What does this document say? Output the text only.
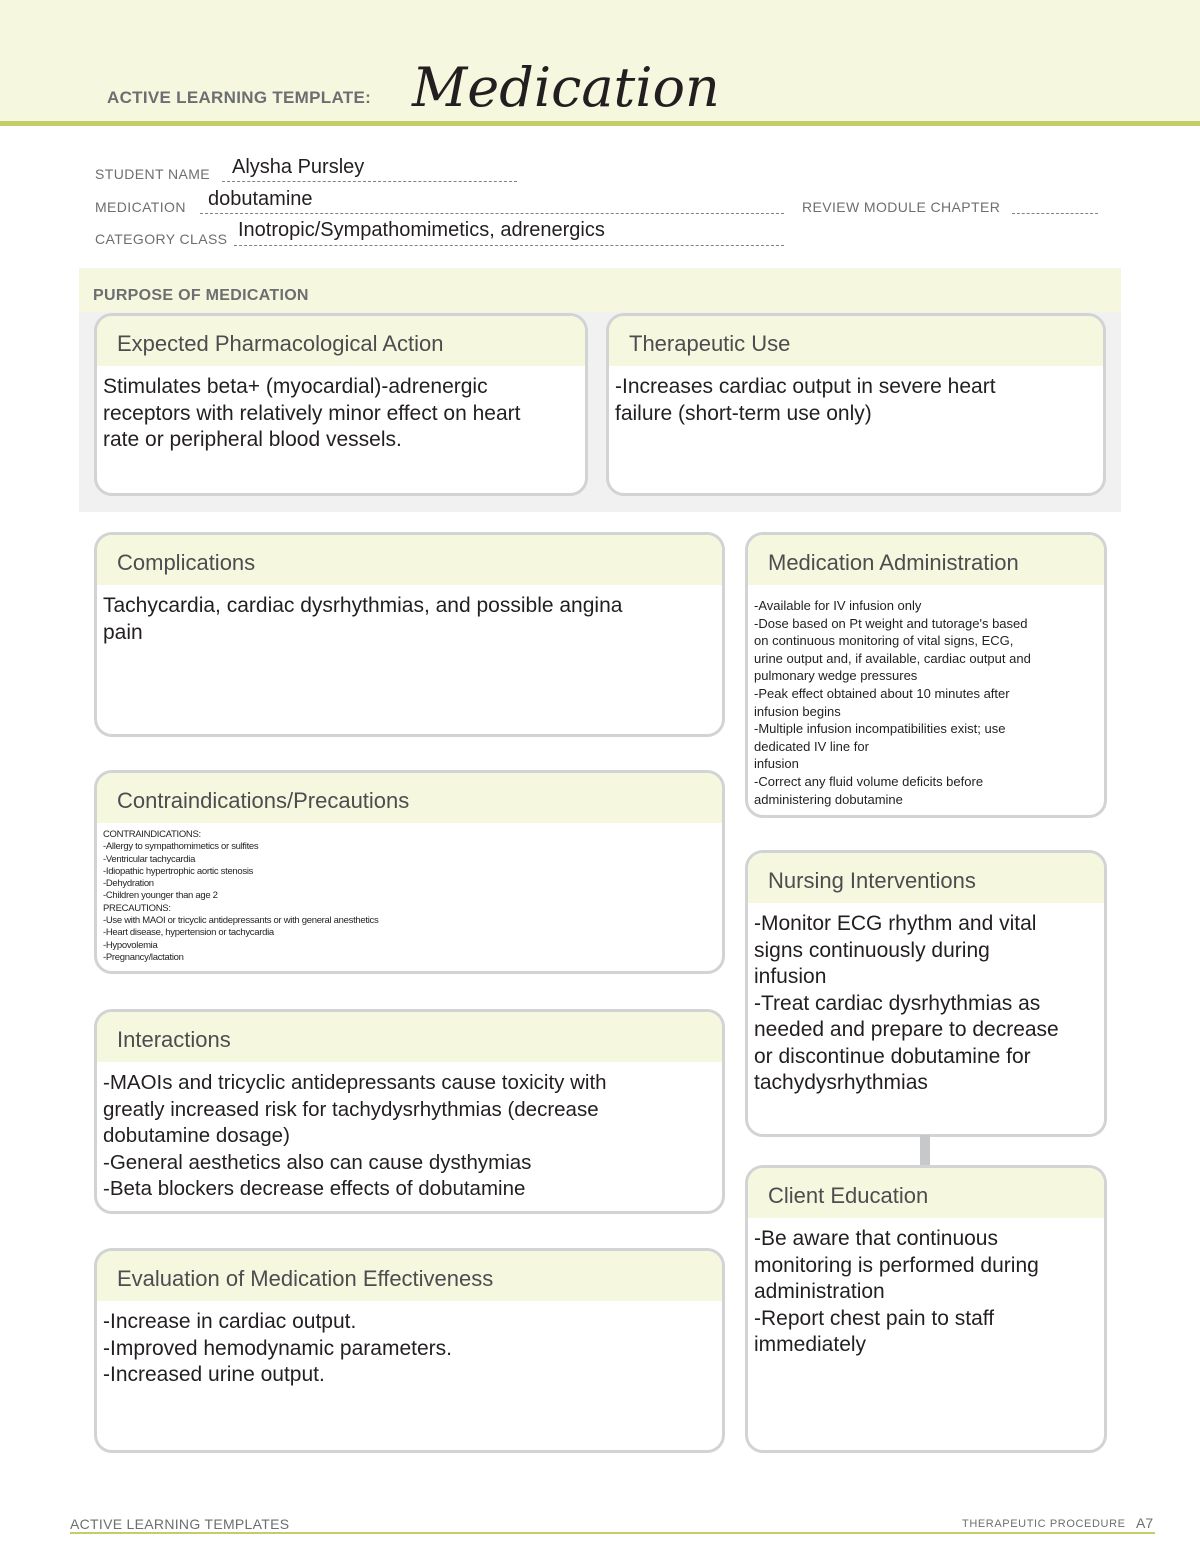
ACTIVE LEARNING TEMPLATE: Medication
STUDENT NAME Alysha Pursley
MEDICATION dobutamine	REVIEW MODULE CHAPTER
CATEGORY CLASS Inotropic/Sympathomimetics, adrenergics
PURPOSE OF MEDICATION
Expected Pharmacological Action
Stimulates beta+ (myocardial)-adrenergic
receptors with relatively minor effect on heart
rate or peripheral blood vessels.
Therapeutic Use
-Increases cardiac output in severe heart
failure (short-term use only)
Complications
Tachycardia, cardiac dysrhythmias, and possible angina
pain
Contraindications/Precautions
CONTRAINDICATIONS:
-Allergy to sympathomimetics or sulfites
-Ventricular tachycardia
-Idiopathic hypertrophic aortic stenosis
-Dehydration
-Children younger than age 2
PRECAUTIONS:
-Use with MAOI or tricyclic antidepressants or with general anesthetics
-Heart disease, hypertension or tachycardia
-Hypovolemia
-Pregnancy/lactation
Interactions
-MAOIs and tricyclic antidepressants cause toxicity with
greatly increased risk for tachydysrhythmias (decrease
dobutamine dosage)
-General aesthetics also can cause dysthymias
-Beta blockers decrease effects of dobutamine
Evaluation of Medication Effectiveness
-Increase in cardiac output.
-Improved hemodynamic parameters.
-Increased urine output.
Medication Administration
-Available for IV infusion only
-Dose based on Pt weight and tutorage's based
on continuous monitoring of vital signs, ECG,
urine output and, if available, cardiac output and
pulmonary wedge pressures
-Peak effect obtained about 10 minutes after
infusion begins
-Multiple infusion incompatibilities exist; use
dedicated IV line for
infusion
-Correct any fluid volume deficits before
administering dobutamine
Nursing Interventions
-Monitor ECG rhythm and vital
signs continuously during
infusion
-Treat cardiac dysrhythmias as
needed and prepare to decrease
or discontinue dobutamine for
tachydysrhythmias
Client Education
-Be aware that continuous
monitoring is performed during
administration
-Report chest pain to staff
immediately
ACTIVE LEARNING TEMPLATES	THERAPEUTIC PROCEDURE A7
